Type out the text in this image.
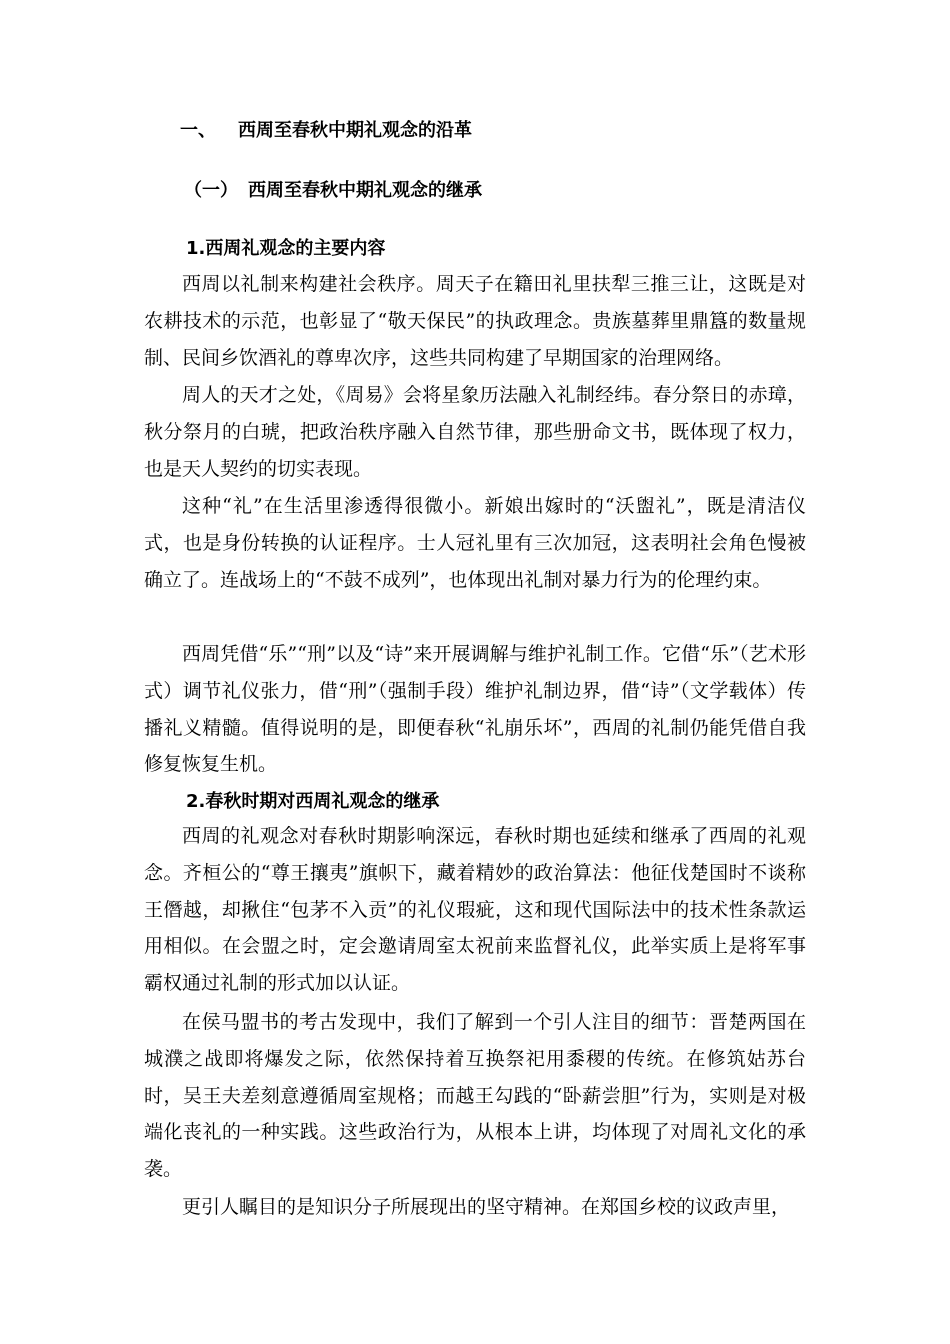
一、 西周至春秋中期礼观念的沿革
（一） 西周至春秋中期礼观念的继承
1.西周礼观念的主要内容

西周以礼制来构建社会秩序。周天子在籍田礼里扶犁三推三让，这既是对农耕技术的示范，也彰显了“敬天保民”的执政理念。贵族墓葬里鼎簋的数量规制、民间乡饮酒礼的尊卑次序，这些共同构建了早期国家的治理网络。

周人的天才之处，《周易》会将星象历法融入礼制经纬。春分祭日的赤璋，秋分祭月的白琥，把政治秩序融入自然节律，那些册命文书，既体现了权力，也是天人契约的切实表现。

这种“礼”在生活里渗透得很微小。新娘出嫁时的“沃盥礼”，既是清洁仪式，也是身份转换的认证程序。士人冠礼里有三次加冠，这表明社会角色慢被确立了。连战场上的“不鼓不成列”，也体现出礼制对暴力行为的伦理约束。

西周凭借“乐”“刑”以及“诗”来开展调解与维护礼制工作。它借“乐”（艺术形式）调节礼仪张力，借“刑”（强制手段）维护礼制边界，借“诗”（文学载体）传播礼义精髓。值得说明的是，即便春秋“礼崩乐坏”，西周的礼制仍能凭借自我修复恢复生机。

2.春秋时期对西周礼观念的继承

西周的礼观念对春秋时期影响深远，春秋时期也延续和继承了西周的礼观念。齐桓公的“尊王攘夷”旗帜下，藏着精妙的政治算法：他征伐楚国时不谈称王僭越，却揪住“包茅不入贡”的礼仪瑕疵，这和现代国际法中的技术性条款运用相似。在会盟之时，定会邀请周室太祝前来监督礼仪，此举实质上是将军事霸权通过礼制的形式加以认证。

在侯马盟书的考古发现中，我们了解到一个引人注目的细节：晋楚两国在城濮之战即将爆发之际，依然保持着互换祭祀用黍稷的传统。在修筑姑苏台时，吴王夫差刻意遵循周室规格；而越王勾践的“卧薪尝胆”行为，实则是对极端化丧礼的一种实践。这些政治行为，从根本上讲，均体现了对周礼文化的承袭。

更引人瞩目的是知识分子所展现出的坚守精神。在郑国乡校的议政声里，
